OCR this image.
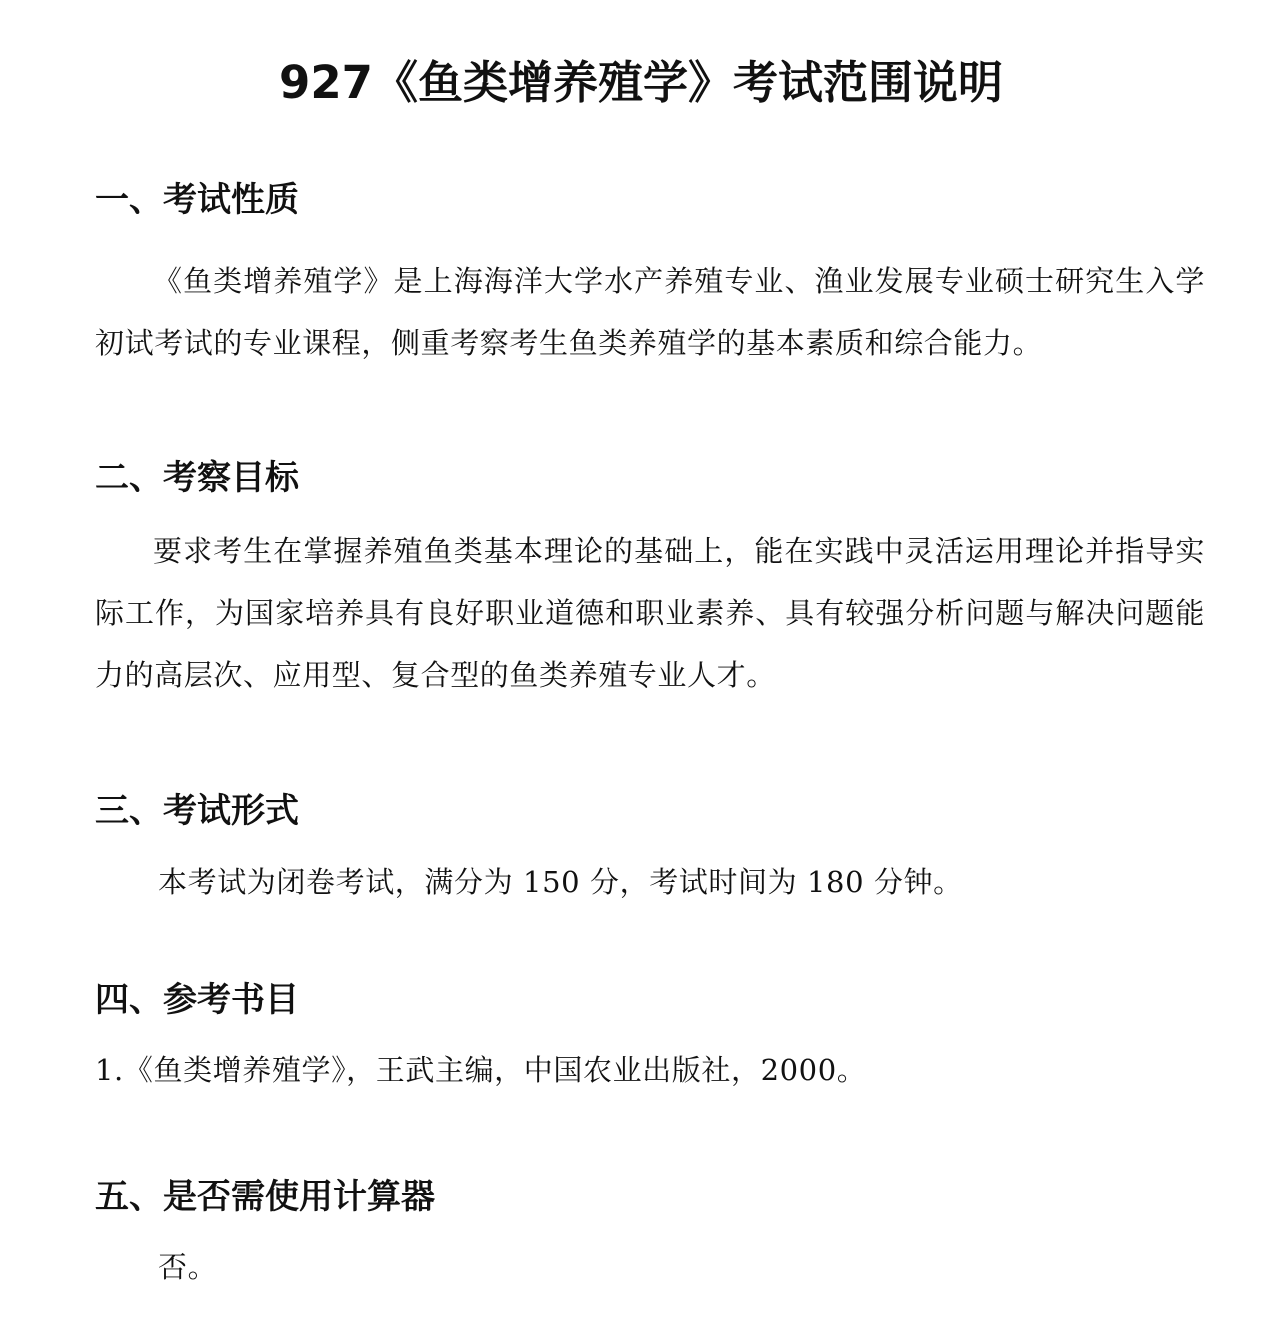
927《鱼类增养殖学》考试范围说明
一、考试性质

《鱼类增养殖学》是上海海洋大学水产养殖专业、渔业发展专业硕士研究生入学初试考试的专业课程，侧重考察考生鱼类养殖学的基本素质和综合能力。

二、考察目标

要求考生在掌握养殖鱼类基本理论的基础上，能在实践中灵活运用理论并指导实际工作，为国家培养具有良好职业道德和职业素养、具有较强分析问题与解决问题能力的高层次、应用型、复合型的鱼类养殖专业人才。

三、考试形式

本考试为闭卷考试，满分为 150 分，考试时间为 180 分钟。

四、参考书目

1.《鱼类增养殖学》，王武主编，中国农业出版社，2000。

五、是否需使用计算器

否。
